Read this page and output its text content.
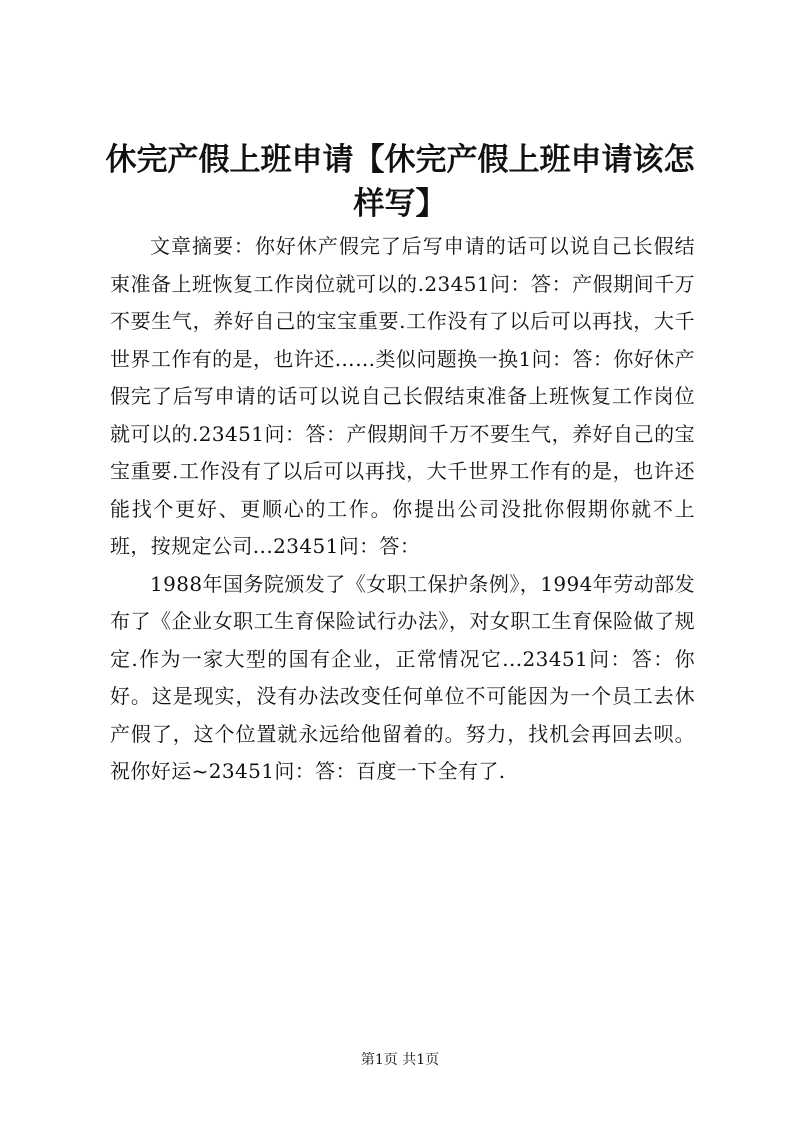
休完产假上班申请【休完产假上班申请该怎样写】

文章摘要：你好休产假完了后写申请的话可以说自己长假结束准备上班恢复工作岗位就可以的.23451问：答：产假期间千万不要生气，养好自己的宝宝重要.工作没有了以后可以再找，大千世界工作有的是，也许还……类似问题换一换1问：答：你好休产假完了后写申请的话可以说自己长假结束准备上班恢复工作岗位就可以的.23451问：答：产假期间千万不要生气，养好自己的宝宝重要.工作没有了以后可以再找，大千世界工作有的是，也许还能找个更好、更顺心的工作。你提出公司没批你假期你就不上班，按规定公司...23451问：答：

1988年国务院颁发了《女职工保护条例》，1994年劳动部发布了《企业女职工生育保险试行办法》，对女职工生育保险做了规定.作为一家大型的国有企业，正常情况它...23451问：答：你好。这是现实，没有办法改变任何单位不可能因为一个员工去休产假了，这个位置就永远给他留着的。努力，找机会再回去呗。祝你好运~23451问：答：百度一下全有了.

第1页 共1页
